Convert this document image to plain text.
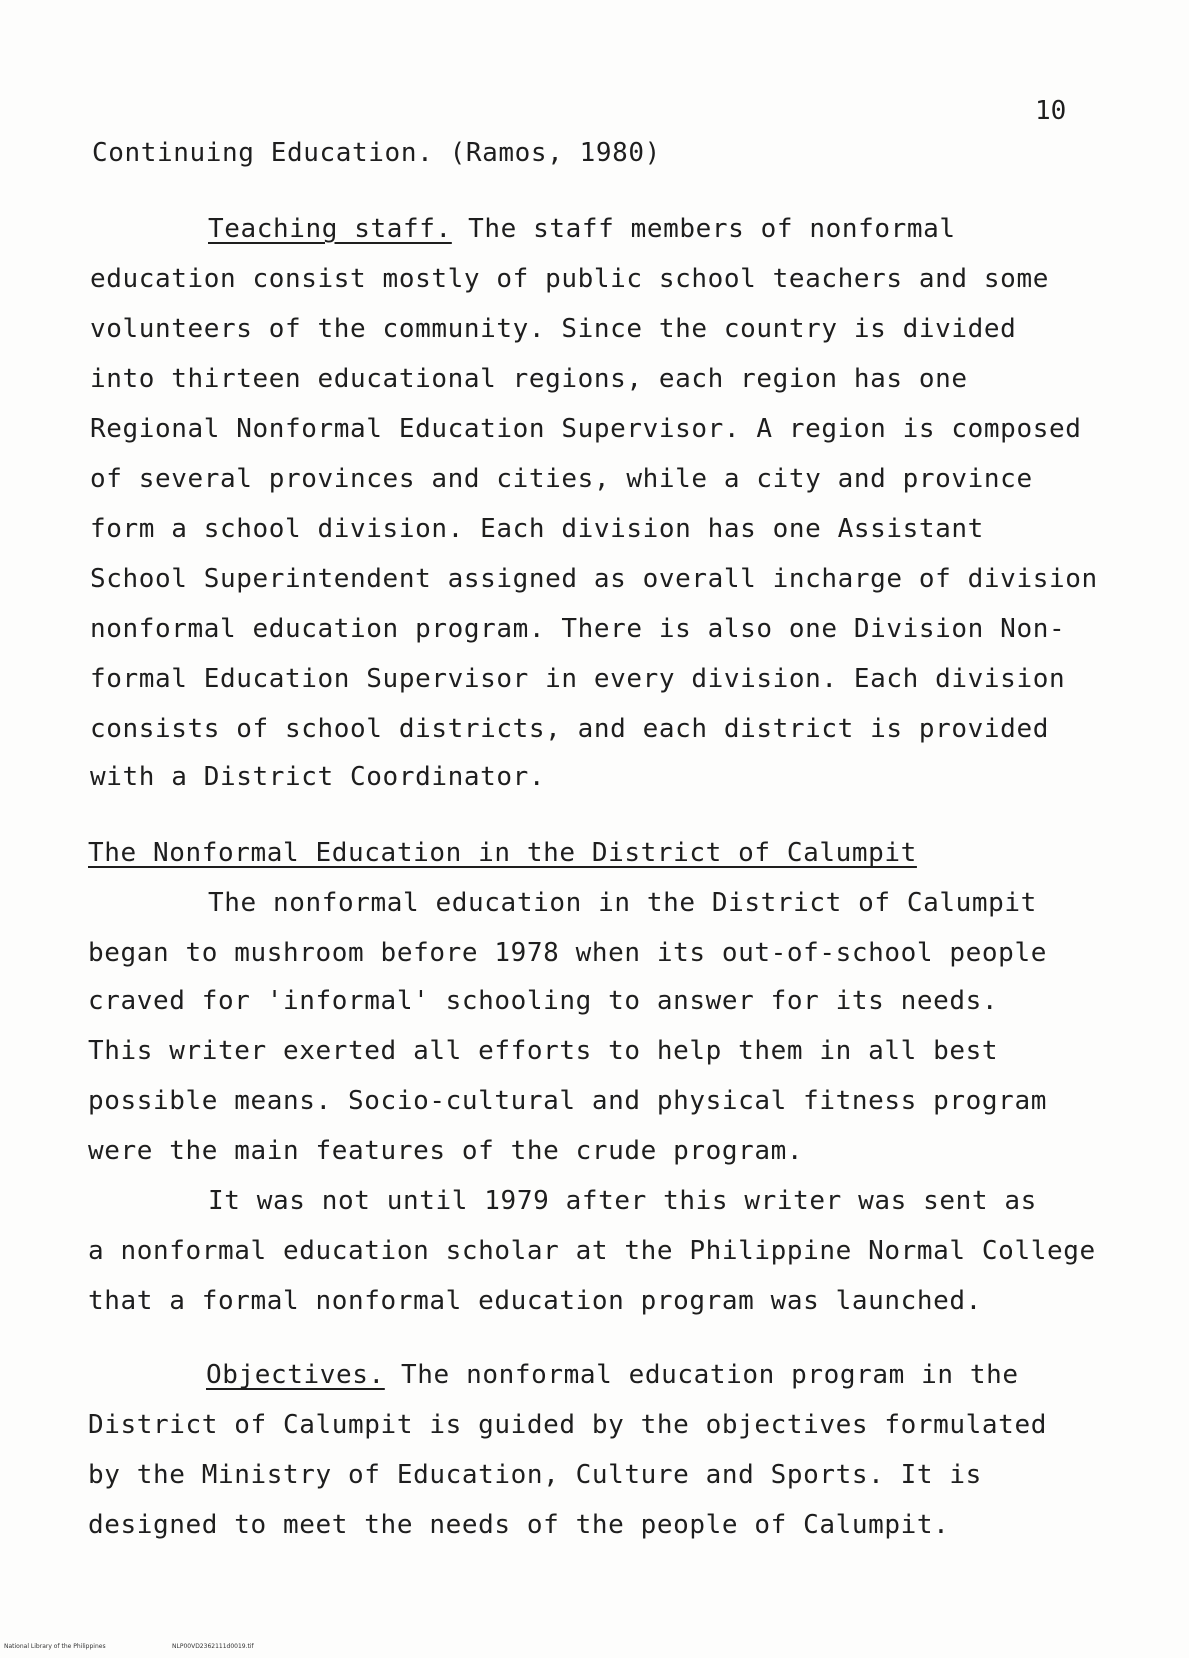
10
Continuing Education. (Ramos, 1980)
Teaching staff. The staff members of nonformal
education consist mostly of public school teachers and some
volunteers of the community. Since the country is divided
into thirteen educational regions, each region has one
Regional Nonformal Education Supervisor. A region is composed
of several provinces and cities, while a city and province
form a school division. Each division has one Assistant
School Superintendent assigned as overall incharge of division
nonformal education program. There is also one Division Non-
formal Education Supervisor in every division. Each division
consists of school districts, and each district is provided
with a District Coordinator.
The Nonformal Education in the District of Calumpit
The nonformal education in the District of Calumpit
began to mushroom before 1978 when its out-of-school people
craved for 'informal' schooling to answer for its needs.
This writer exerted all efforts to help them in all best
possible means. Socio-cultural and physical fitness program
were the main features of the crude program.
It was not until 1979 after this writer was sent as
a nonformal education scholar at the Philippine Normal College
that a formal nonformal education program was launched.
Objectives. The nonformal education program in the
District of Calumpit is guided by the objectives formulated
by the Ministry of Education, Culture and Sports. It is
designed to meet the needs of the people of Calumpit.
National Library of the Philippines	NLP00VD2362111d0019.tif
